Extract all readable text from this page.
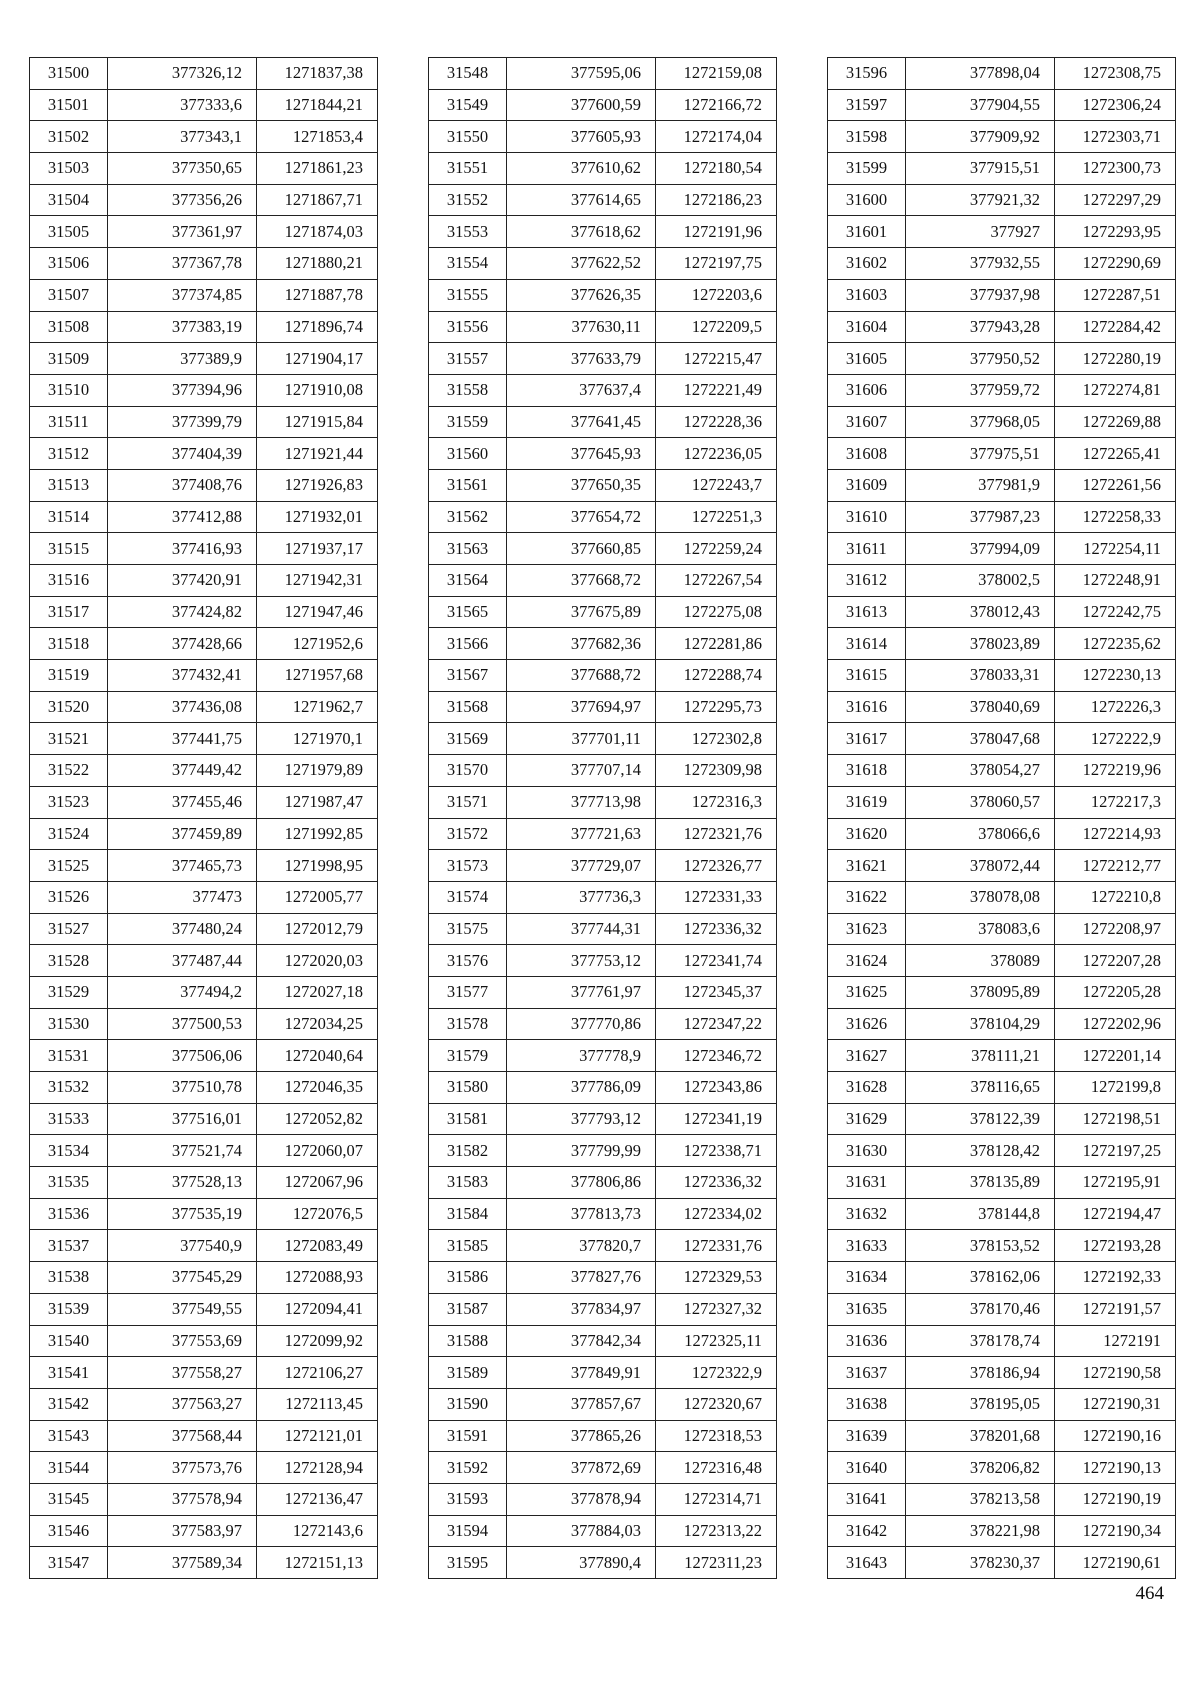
31500	377326,12	1271837,38
31501	377333,6	1271844,21
31502	377343,1	1271853,4
31503	377350,65	1271861,23
31504	377356,26	1271867,71
31505	377361,97	1271874,03
31506	377367,78	1271880,21
31507	377374,85	1271887,78
31508	377383,19	1271896,74
31509	377389,9	1271904,17
31510	377394,96	1271910,08
31511	377399,79	1271915,84
31512	377404,39	1271921,44
31513	377408,76	1271926,83
31514	377412,88	1271932,01
31515	377416,93	1271937,17
31516	377420,91	1271942,31
31517	377424,82	1271947,46
31518	377428,66	1271952,6
31519	377432,41	1271957,68
31520	377436,08	1271962,7
31521	377441,75	1271970,1
31522	377449,42	1271979,89
31523	377455,46	1271987,47
31524	377459,89	1271992,85
31525	377465,73	1271998,95
31526	377473	1272005,77
31527	377480,24	1272012,79
31528	377487,44	1272020,03
31529	377494,2	1272027,18
31530	377500,53	1272034,25
31531	377506,06	1272040,64
31532	377510,78	1272046,35
31533	377516,01	1272052,82
31534	377521,74	1272060,07
31535	377528,13	1272067,96
31536	377535,19	1272076,5
31537	377540,9	1272083,49
31538	377545,29	1272088,93
31539	377549,55	1272094,41
31540	377553,69	1272099,92
31541	377558,27	1272106,27
31542	377563,27	1272113,45
31543	377568,44	1272121,01
31544	377573,76	1272128,94
31545	377578,94	1272136,47
31546	377583,97	1272143,6
31547	377589,34	1272151,13
31548	377595,06	1272159,08
31549	377600,59	1272166,72
31550	377605,93	1272174,04
31551	377610,62	1272180,54
31552	377614,65	1272186,23
31553	377618,62	1272191,96
31554	377622,52	1272197,75
31555	377626,35	1272203,6
31556	377630,11	1272209,5
31557	377633,79	1272215,47
31558	377637,4	1272221,49
31559	377641,45	1272228,36
31560	377645,93	1272236,05
31561	377650,35	1272243,7
31562	377654,72	1272251,3
31563	377660,85	1272259,24
31564	377668,72	1272267,54
31565	377675,89	1272275,08
31566	377682,36	1272281,86
31567	377688,72	1272288,74
31568	377694,97	1272295,73
31569	377701,11	1272302,8
31570	377707,14	1272309,98
31571	377713,98	1272316,3
31572	377721,63	1272321,76
31573	377729,07	1272326,77
31574	377736,3	1272331,33
31575	377744,31	1272336,32
31576	377753,12	1272341,74
31577	377761,97	1272345,37
31578	377770,86	1272347,22
31579	377778,9	1272346,72
31580	377786,09	1272343,86
31581	377793,12	1272341,19
31582	377799,99	1272338,71
31583	377806,86	1272336,32
31584	377813,73	1272334,02
31585	377820,7	1272331,76
31586	377827,76	1272329,53
31587	377834,97	1272327,32
31588	377842,34	1272325,11
31589	377849,91	1272322,9
31590	377857,67	1272320,67
31591	377865,26	1272318,53
31592	377872,69	1272316,48
31593	377878,94	1272314,71
31594	377884,03	1272313,22
31595	377890,4	1272311,23
31596	377898,04	1272308,75
31597	377904,55	1272306,24
31598	377909,92	1272303,71
31599	377915,51	1272300,73
31600	377921,32	1272297,29
31601	377927	1272293,95
31602	377932,55	1272290,69
31603	377937,98	1272287,51
31604	377943,28	1272284,42
31605	377950,52	1272280,19
31606	377959,72	1272274,81
31607	377968,05	1272269,88
31608	377975,51	1272265,41
31609	377981,9	1272261,56
31610	377987,23	1272258,33
31611	377994,09	1272254,11
31612	378002,5	1272248,91
31613	378012,43	1272242,75
31614	378023,89	1272235,62
31615	378033,31	1272230,13
31616	378040,69	1272226,3
31617	378047,68	1272222,9
31618	378054,27	1272219,96
31619	378060,57	1272217,3
31620	378066,6	1272214,93
31621	378072,44	1272212,77
31622	378078,08	1272210,8
31623	378083,6	1272208,97
31624	378089	1272207,28
31625	378095,89	1272205,28
31626	378104,29	1272202,96
31627	378111,21	1272201,14
31628	378116,65	1272199,8
31629	378122,39	1272198,51
31630	378128,42	1272197,25
31631	378135,89	1272195,91
31632	378144,8	1272194,47
31633	378153,52	1272193,28
31634	378162,06	1272192,33
31635	378170,46	1272191,57
31636	378178,74	1272191
31637	378186,94	1272190,58
31638	378195,05	1272190,31
31639	378201,68	1272190,16
31640	378206,82	1272190,13
31641	378213,58	1272190,19
31642	378221,98	1272190,34
31643	378230,37	1272190,61
464
